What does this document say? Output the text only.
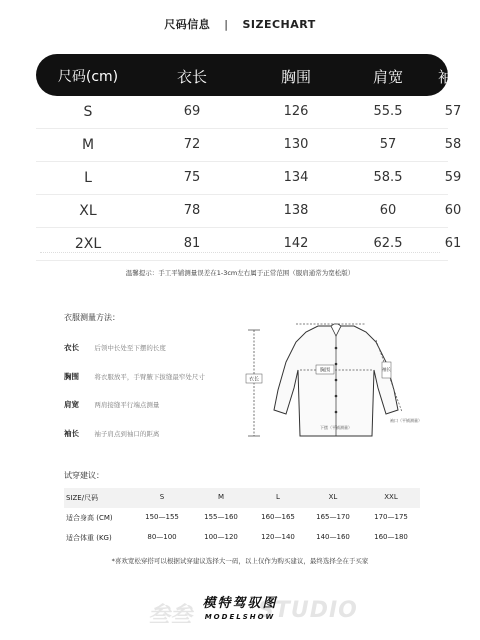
尺码信息 | SIZECHART
尺码(cm)	衣长	胸围	肩宽	袖长
S	69	126	55.5	57
M	72	130	57	58
L	75	134	58.5	59
XL	78	138	60	60
2XL	81	142	62.5	61
温馨提示：手工平铺测量误差在1-3cm左右属于正常范围（服肩通常为宽松版）
衣服测量方法：
衣长 后领中长处至下摆的长度
胸围 将衣服放平，手臂腋下拔缝最窄处尺寸
肩宽 两肩接缝平行端点测量
袖长 袖子肩点到袖口的距离
胸围
衣长
袖长
下摆（平铺测量）
袖口（平铺测量）
试穿建议：
SIZE/尺码	S	M	L	XL	XXL
适合身高 (CM)	150—155	155—160	160—165	165—170	170—175
适合体重 (KG)	80—100	100—120	120—140	140—160	160—180
*喜欢宽松穿搭可以根据试穿建议选择大一码，以上仅作为购买建议，最终选择全在于买家
叁叁	STUDIO
模特驾驭图
MODELSHOW
